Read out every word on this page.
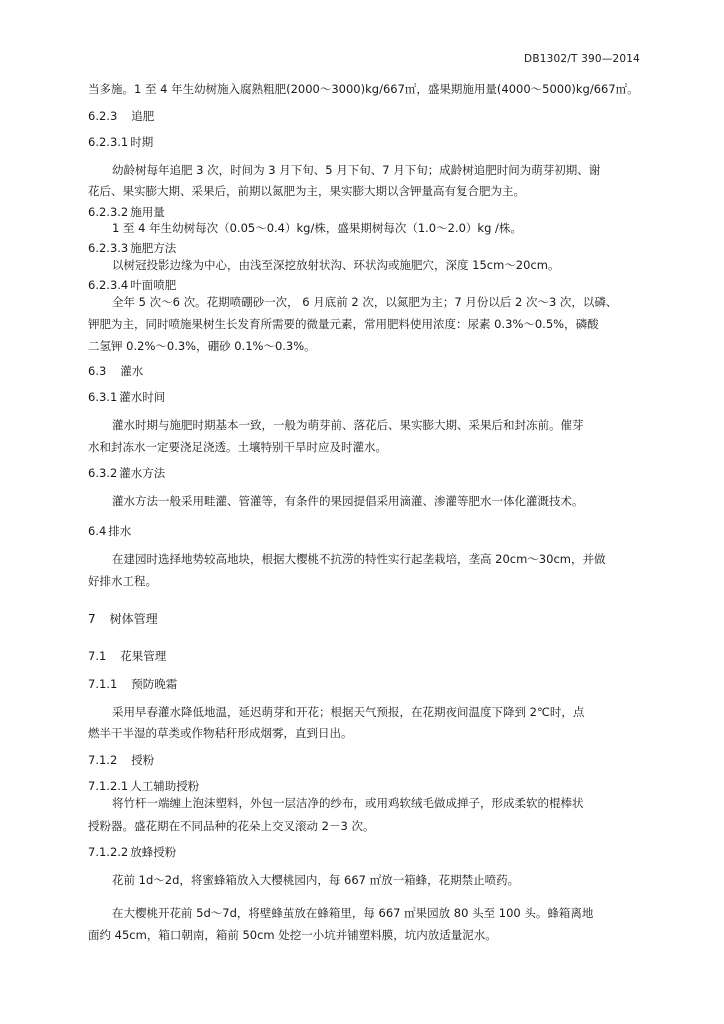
DB1302/T 390—2014
当多施。1 至 4 年生幼树施入腐熟粗肥(2000～3000)kg/667㎡，盛果期施用量(4000～5000)kg/667㎡。
6.2.3 追肥
6.2.3.1 时期
幼龄树每年追肥 3 次，时间为 3 月下旬、5 月下旬、7 月下旬；成龄树追肥时间为萌芽初期、谢
花后、果实膨大期、采果后，前期以氮肥为主，果实膨大期以含钾量高有复合肥为主。
6.2.3.2 施用量
1 至 4 年生幼树每次（0.05～0.4）kg/株，盛果期树每次（1.0～2.0）kg /株。
6.2.3.3 施肥方法
以树冠投影边缘为中心，由浅至深挖放射状沟、环状沟或施肥穴，深度 15cm～20cm。
6.2.3.4 叶面喷肥
全年 5 次～6 次。花期喷硼砂一次， 6 月底前 2 次，以氮肥为主；7 月份以后 2 次～3 次，以磷、
钾肥为主，同时喷施果树生长发育所需要的微量元素，常用肥料使用浓度：尿素 0.3%～0.5%，磷酸
二氢钾 0.2%～0.3%，硼砂 0.1%～0.3%。
6.3 灌水
6.3.1 灌水时间
灌水时期与施肥时期基本一致，一般为萌芽前、落花后、果实膨大期、采果后和封冻前。催芽
水和封冻水一定要浇足浇透。土壤特别干旱时应及时灌水。
6.3.2 灌水方法
灌水方法一般采用畦灌、管灌等，有条件的果园提倡采用滴灌、渗灌等肥水一体化灌溉技术。
6.4 排水
在建园时选择地势较高地块，根据大樱桃不抗涝的特性实行起垄栽培，垄高 20cm～30cm，并做
好排水工程。
7 树体管理
7.1 花果管理
7.1.1 预防晚霜
采用早春灌水降低地温，延迟萌芽和开花；根据天气预报，在花期夜间温度下降到 2℃时，点
燃半干半湿的草类或作物秸秆形成烟雾，直到日出。
7.1.2 授粉
7.1.2.1 人工辅助授粉
将竹杆一端缠上泡沫塑料，外包一层洁净的纱布，或用鸡软绒毛做成掸子，形成柔软的棍棒状
授粉器。盛花期在不同品种的花朵上交叉滚动 2－3 次。
7.1.2.2 放蜂授粉
花前 1d～2d，将蜜蜂箱放入大樱桃园内，每 667 ㎡放一箱蜂，花期禁止喷药。
在大樱桃开花前 5d～7d，将壁蜂茧放在蜂箱里，每 667 ㎡果园放 80 头至 100 头。蜂箱离地
面约 45cm，箱口朝南，箱前 50cm 处挖一小坑并铺塑料膜，坑内放适量泥水。
